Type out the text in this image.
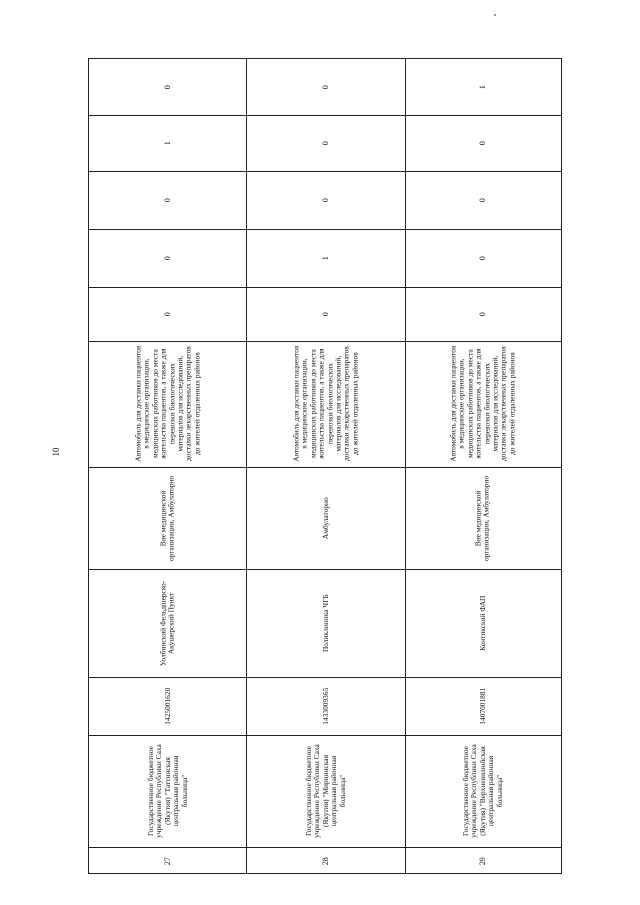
10
0
1
0
0
0
Автомобиль для доставки пациентов в медицинские организации, медицинских работников до места жительства пациентов, а также для перевозки биологических материалов для исследований, доставки лекарственных препаратов до жителей отдаленных районов
Вне медицинской организации, Амбулаторно
Уолбинский Фельдшерско-Акушерский Пункт
1425001620
Государственное бюджетное учреждение Республики Саха (Якутия) "Таттинская центральная районная больница"
27
0
0
0
1
0
Автомобиль для доставки пациентов в медицинские организации, медицинских работников до места жительства пациентов, а также для перевозки биологических материалов для исследований, доставки лекарственных препаратов до жителей отдаленных районов
Амбулаторно
Поликлиника ЧГБ
1433009365
Государственное бюджетное учреждение Республики Саха (Якутия) "Мирнинская центральная районная больница"
28
1
0
0
0
0
Автомобиль для доставки пациентов в медицинские организации, медицинских работников до места жительства пациентов, а также для перевозки биологических материалов для исследований, доставки лекарственных препаратов до жителей отдаленных районов
Вне медицинской организации, Амбулаторно
Кентикский ФАП
1407001881
Государственное бюджетное учреждение Республики Саха (Якутия) "Верхневилюйская центральная районная больница"
29
